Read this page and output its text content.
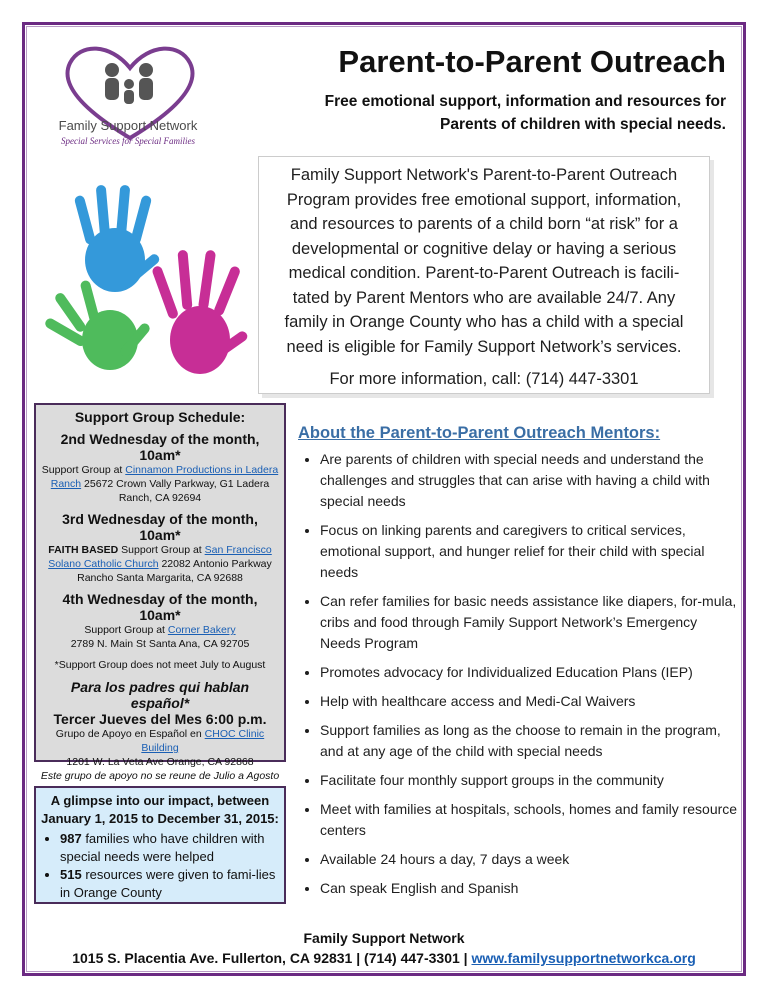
Family Support Network
Special Services for Special Families
Parent-to-Parent Outreach
Free emotional support, information and resources for
Parents of children with special needs.
Family Support Network's Parent-to-Parent Outreach Program provides free emotional support, information, and resources to parents of a child born “at risk” for a developmental or cognitive delay or having a serious medical condition. Parent-to-Parent Outreach is facili-tated by Parent Mentors who are available 24/7. Any family in Orange County who has a child with a special need is eligible for Family Support Network’s services.
For more information, call: (714) 447-3301
Support Group Schedule:
2nd Wednesday of the month, 10am*
Support Group at Cinnamon Productions in Ladera Ranch 25672 Crown Vally Parkway, G1 Ladera Ranch, CA 92694
3rd Wednesday of the month, 10am*
FAITH BASED Support Group at San Francisco Solano Catholic Church 22082 Antonio Parkway Rancho Santa Margarita, CA 92688
4th Wednesday of the month, 10am*
Support Group at Corner Bakery
2789 N. Main St Santa Ana, CA 92705
*Support Group does not meet July to August
Para los padres qui hablan español*
Tercer Jueves del Mes 6:00 p.m.
Grupo de Apoyo en Español en CHOC Clinic Building
1201 W. La Veta Ave Orange, CA 92868
Este grupo de apoyo no se reune de Julio a Agosto
A glimpse into our impact, between
January 1, 2015 to December 31, 2015:
• 987 families who have children with special needs were helped
• 515 resources were given to fami-lies in Orange County
About the Parent-to-Parent Outreach Mentors:
• Are parents of children with special needs and understand the challenges and struggles that can arise with having a child with special needs
• Focus on linking parents and caregivers to critical services, emotional support, and hunger relief for their child with special needs
• Can refer families for basic needs assistance like diapers, for-mula, cribs and food through Family Support Network’s Emergency Needs Program
• Promotes advocacy for Individualized Education Plans (IEP)
• Help with healthcare access and Medi-Cal Waivers
• Support families as long as the choose to remain in the program, and at any age of the child with special needs
• Facilitate four monthly support groups in the community
• Meet with families at hospitals, schools, homes and family resource centers
• Available 24 hours a day, 7 days a week
• Can speak English and Spanish
Family Support Network
1015 S. Placentia Ave. Fullerton, CA 92831 | (714) 447-3301 | www.familysupportnetworkca.org
